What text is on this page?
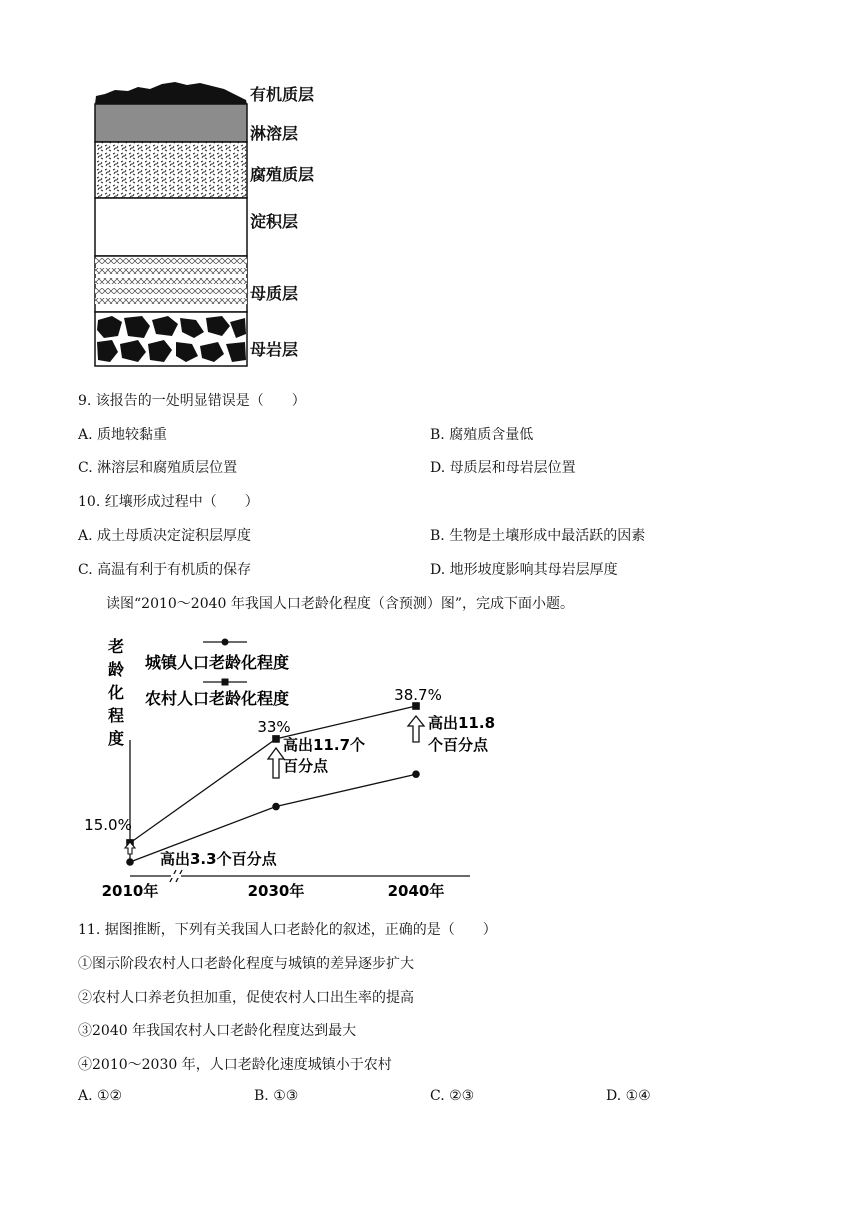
有机质层
淋溶层
腐殖质层
淀积层
母质层
母岩层
9. 该报告的一处明显错误是（　　）
A. 质地较黏重	B. 腐殖质含量低
C. 淋溶层和腐殖质层位置	D. 母质层和母岩层位置
10. 红壤形成过程中（　　）
A. 成土母质决定淀积层厚度	B. 生物是土壤形成中最活跃的因素
C. 高温有利于有机质的保存	D. 地形坡度影响其母岩层厚度
读图“2010～2040 年我国人口老龄化程度（含预测）图”，完成下面小题。
老龄化程度
城镇人口老龄化程度
农村人口老龄化程度
2010年	2030年	2040年
15.0%
33%
38.7%
高出3.3个百分点
高出11.7个
百分点
高出11.8
个百分点
11. 据图推断，下列有关我国人口老龄化的叙述，正确的是（　　）
①图示阶段农村人口老龄化程度与城镇的差异逐步扩大
②农村人口养老负担加重，促使农村人口出生率的提高
③2040 年我国农村人口老龄化程度达到最大
④2010～2030 年，人口老龄化速度城镇小于农村
A. ①②	B. ①③	C. ②③	D. ①④
